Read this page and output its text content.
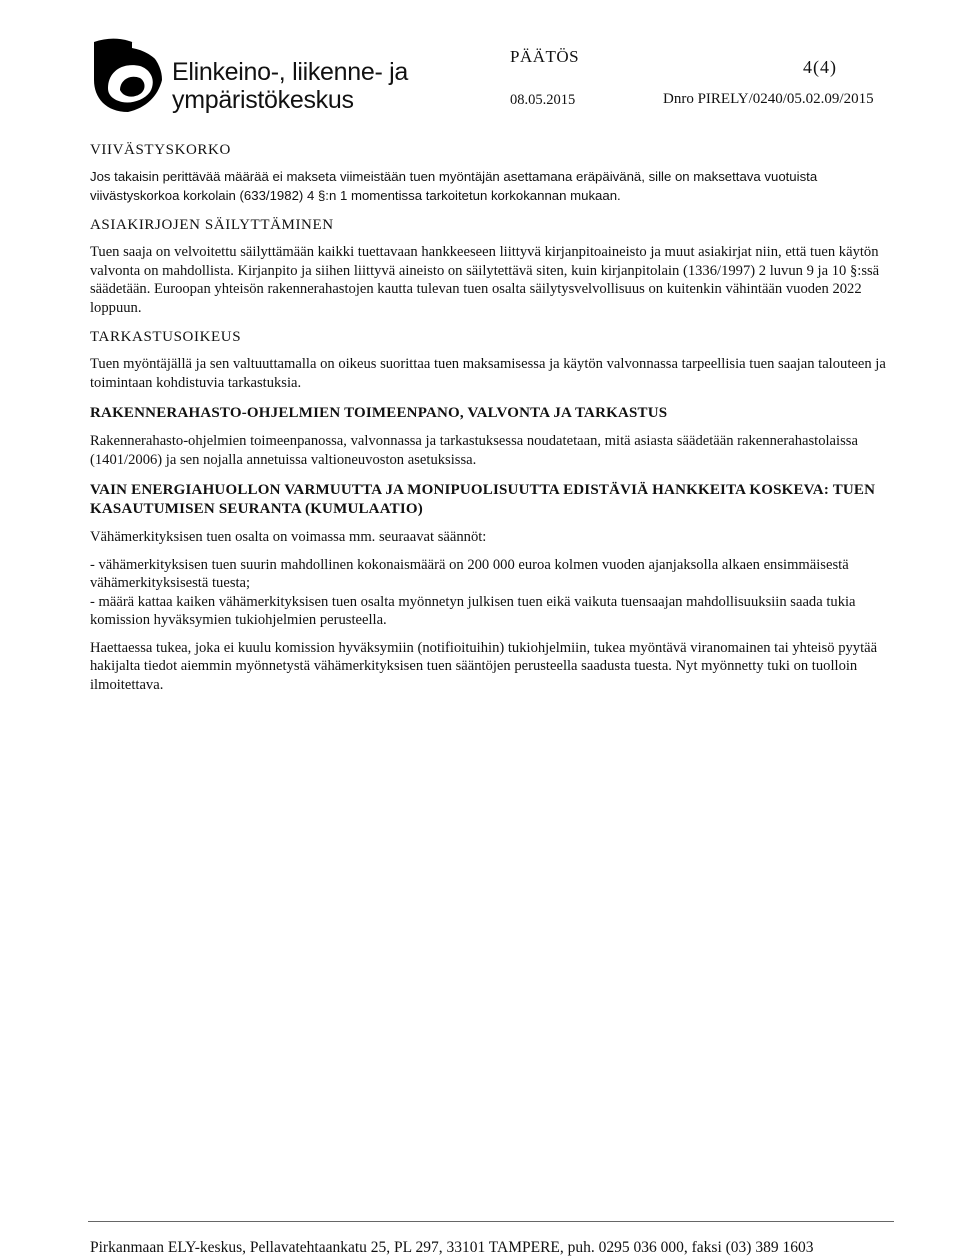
Elinkeino-, liikenne- ja
ympäristökeskus
PÄÄTÖS
4(4)
08.05.2015	Dnro PIRELY/0240/05.02.09/2015

VIIVÄSTYSKORKO

Jos takaisin perittävää määrää ei makseta viimeistään tuen myöntäjän asettamana eräpäivänä, sille on maksettava vuotuista viivästyskorkoa korkolain (633/1982) 4 §:n 1 momentissa tarkoitetun korkokannan mukaan.

ASIAKIRJOJEN SÄILYTTÄMINEN

Tuen saaja on velvoitettu säilyttämään kaikki tuettavaan hankkeeseen liittyvä kirjanpitoaineisto ja muut asiakirjat niin, että tuen käytön valvonta on mahdollista. Kirjanpito ja siihen liittyvä aineisto on säilytettävä siten, kuin kirjanpitolain (1336/1997) 2 luvun 9 ja 10 §:ssä säädetään. Euroopan yhteisön rakennerahastojen kautta tulevan tuen osalta säilytysvelvollisuus on kuitenkin vähintään vuoden 2022 loppuun.

TARKASTUSOIKEUS

Tuen myöntäjällä ja sen valtuuttamalla on oikeus suorittaa tuen maksamisessa ja käytön valvonnassa tarpeellisia tuen saajan talouteen ja toimintaan kohdistuvia tarkastuksia.

RAKENNERAHASTO-OHJELMIEN TOIMEENPANO, VALVONTA JA TARKASTUS

Rakennerahasto-ohjelmien toimeenpanossa, valvonnassa ja tarkastuksessa noudatetaan, mitä asiasta säädetään rakennerahastolaissa (1401/2006) ja sen nojalla annetuissa valtioneuvoston asetuksissa.

VAIN ENERGIAHUOLLON VARMUUTTA JA MONIPUOLISUUTTA EDISTÄVIÄ HANKKEITA KOSKEVA: TUEN KASAUTUMISEN SEURANTA (KUMULAATIO)

Vähämerkityksisen tuen osalta on voimassa mm. seuraavat säännöt:

- vähämerkityksisen tuen suurin mahdollinen kokonaismäärä on 200 000 euroa kolmen vuoden ajanjaksolla alkaen ensimmäisestä vähämerkityksisestä tuesta;

- määrä kattaa kaiken vähämerkityksisen tuen osalta myönnetyn julkisen tuen eikä vaikuta tuensaajan mahdollisuuksiin saada tukia komission hyväksymien tukiohjelmien perusteella.

Haettaessa tukea, joka ei kuulu komission hyväksymiin (notifioituihin) tukiohjelmiin, tukea myöntävä viranomainen tai yhteisö pyytää hakijalta tiedot aiemmin myönnetystä vähämerkityksisen tuen sääntöjen perusteella saadusta tuesta. Nyt myönnetty tuki on tuolloin ilmoitettava.

Pirkanmaan ELY-keskus, Pellavatehtaankatu 25, PL 297, 33101 TAMPERE, puh. 0295 036 000, faksi (03) 389 1603
